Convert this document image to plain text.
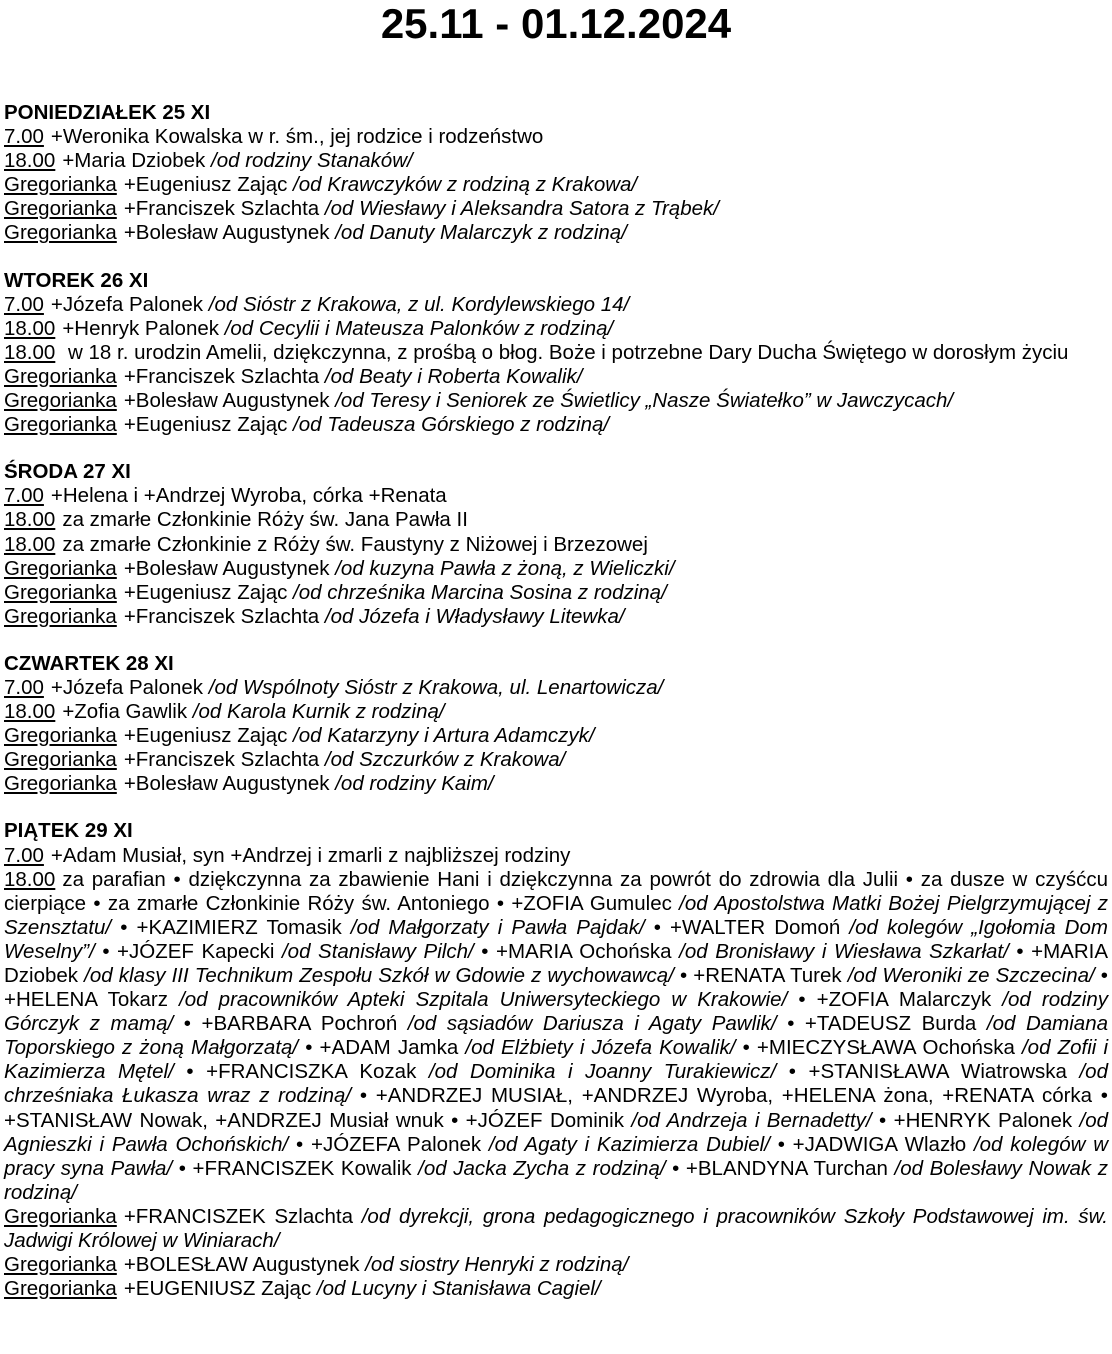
25.11 - 01.12.2024
PONIEDZIAŁEK 25 XI

7.00 +Weronika Kowalska w r. śm., jej rodzice i rodzeństwo

18.00 +Maria Dziobek /od rodziny Stanaków/

Gregorianka +Eugeniusz Zając /od Krawczyków z rodziną z Krakowa/

Gregorianka +Franciszek Szlachta /od Wiesławy i Aleksandra Satora z Trąbek/

Gregorianka +Bolesław Augustynek /od Danuty Malarczyk z rodziną/

WTOREK 26 XI

7.00 +Józefa Palonek /od Sióstr z Krakowa, z ul. Kordylewskiego 14/

18.00 +Henryk Palonek /od Cecylii i Mateusza Palonków z rodziną/

18.00 w 18 r. urodzin Amelii, dziękczynna, z prośbą o błog. Boże i potrzebne Dary Ducha Świętego w dorosłym życiu

Gregorianka +Franciszek Szlachta /od Beaty i Roberta Kowalik/

Gregorianka +Bolesław Augustynek /od Teresy i Seniorek ze Świetlicy „Nasze Światełko” w Jawczycach/

Gregorianka +Eugeniusz Zając /od Tadeusza Górskiego z rodziną/

ŚRODA 27 XI

7.00 +Helena i +Andrzej Wyroba, córka +Renata

18.00 za zmarłe Członkinie Róży św. Jana Pawła II

18.00 za zmarłe Członkinie z Róży św. Faustyny z Niżowej i Brzezowej

Gregorianka +Bolesław Augustynek /od kuzyna Pawła z żoną, z Wieliczki/

Gregorianka +Eugeniusz Zając /od chrześnika Marcina Sosina z rodziną/

Gregorianka +Franciszek Szlachta /od Józefa i Władysławy Litewka/

CZWARTEK 28 XI

7.00 +Józefa Palonek /od Wspólnoty Sióstr z Krakowa, ul. Lenartowicza/

18.00 +Zofia Gawlik /od Karola Kurnik z rodziną/

Gregorianka +Eugeniusz Zając /od Katarzyny i Artura Adamczyk/

Gregorianka +Franciszek Szlachta /od Szczurków z Krakowa/

Gregorianka +Bolesław Augustynek /od rodziny Kaim/

PIĄTEK 29 XI

7.00 +Adam Musiał, syn +Andrzej i zmarli z najbliższej rodziny

18.00 za parafian • dziękczynna za zbawienie Hani i dziękczynna za powrót do zdrowia dla Julii • za dusze w czyśćcu cierpiące • za zmarłe Członkinie Róży św. Antoniego • +ZOFIA Gumulec /od Apostolstwa Matki Bożej Pielgrzymującej z Szensztatu/ • +KAZIMIERZ Tomasik /od Małgorzaty i Pawła Pajdak/ • +WALTER Domoń /od kolegów „Igołomia Dom Weselny”/ • +JÓZEF Kapecki /od Stanisławy Pilch/ • +MARIA Ochońska /od Bronisławy i Wiesława Szkarłat/ • +MARIA Dziobek /od klasy III Technikum Zespołu Szkół w Gdowie z wychowawcą/ • +RENATA Turek /od Weroniki ze Szczecina/ • +HELENA Tokarz /od pracowników Apteki Szpitala Uniwersyteckiego w Krakowie/ • +ZOFIA Malarczyk /od rodziny Górczyk z mamą/ • +BARBARA Pochroń /od sąsiadów Dariusza i Agaty Pawlik/ • +TADEUSZ Burda /od Damiana Toporskiego z żoną Małgorzatą/ • +ADAM Jamka /od Elżbiety i Józefa Kowalik/ • +MIECZYSŁAWA Ochońska /od Zofii i Kazimierza Mętel/ • +FRANCISZKA Kozak /od Dominika i Joanny Turakiewicz/ • +STANISŁAWA Wiatrowska /od chrześniaka Łukasza wraz z rodziną/ • +ANDRZEJ MUSIAŁ, +ANDRZEJ Wyroba, +HELENA żona, +RENATA córka • +STANISŁAW Nowak, +ANDRZEJ Musiał wnuk • +JÓZEF Dominik /od Andrzeja i Bernadetty/ • +HENRYK Palonek /od Agnieszki i Pawła Ochońskich/ • +JÓZEFA Palonek /od Agaty i Kazimierza Dubiel/ • +JADWIGA Wlazło /od kolegów w pracy syna Pawła/ • +FRANCISZEK Kowalik /od Jacka Zycha z rodziną/ • +BLANDYNA Turchan /od Bolesławy Nowak z rodziną/

Gregorianka +FRANCISZEK Szlachta /od dyrekcji, grona pedagogicznego i pracowników Szkoły Podstawowej im. św. Jadwigi Królowej w Winiarach/

Gregorianka +BOLESŁAW Augustynek /od siostry Henryki z rodziną/

Gregorianka +EUGENIUSZ Zając /od Lucyny i Stanisława Cagiel/
